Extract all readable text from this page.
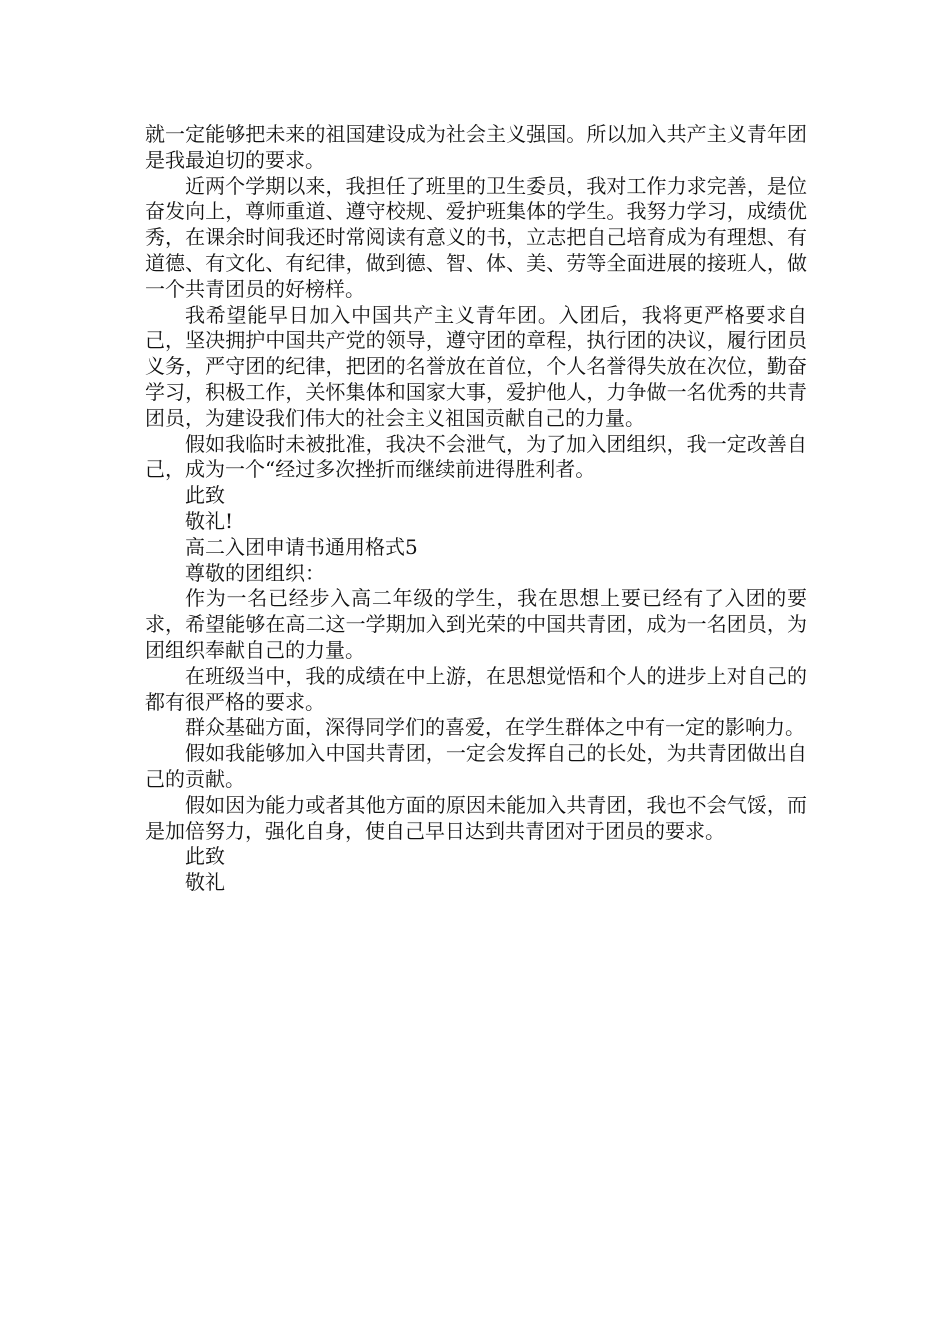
就一定能够把未来的祖国建设成为社会主义强国。所以加入共产主义青年团是我最迫切的要求。

近两个学期以来，我担任了班里的卫生委员，我对工作力求完善，是位奋发向上，尊师重道、遵守校规、爱护班集体的学生。我努力学习，成绩优秀，在课余时间我还时常阅读有意义的书，立志把自己培育成为有理想、有道德、有文化、有纪律，做到德、智、体、美、劳等全面进展的接班人，做一个共青团员的好榜样。

我希望能早日加入中国共产主义青年团。入团后，我将更严格要求自己，坚决拥护中国共产党的领导，遵守团的章程，执行团的决议，履行团员义务，严守团的纪律，把团的名誉放在首位，个人名誉得失放在次位，勤奋学习，积极工作，关怀集体和国家大事，爱护他人，力争做一名优秀的共青团员，为建设我们伟大的社会主义祖国贡献自己的力量。

假如我临时未被批准，我决不会泄气，为了加入团组织，我一定改善自己，成为一个“经过多次挫折而继续前进得胜利者。

此致

敬礼!

高二入团申请书通用格式5

尊敬的团组织：

作为一名已经步入高二年级的学生，我在思想上要已经有了入团的要求，希望能够在高二这一学期加入到光荣的中国共青团，成为一名团员，为团组织奉献自己的力量。

在班级当中，我的成绩在中上游，在思想觉悟和个人的进步上对自己的都有很严格的要求。

群众基础方面，深得同学们的喜爱，在学生群体之中有一定的影响力。

假如我能够加入中国共青团，一定会发挥自己的长处，为共青团做出自己的贡献。

假如因为能力或者其他方面的原因未能加入共青团，我也不会气馁，而是加倍努力，强化自身，使自己早日达到共青团对于团员的要求。

此致

敬礼
